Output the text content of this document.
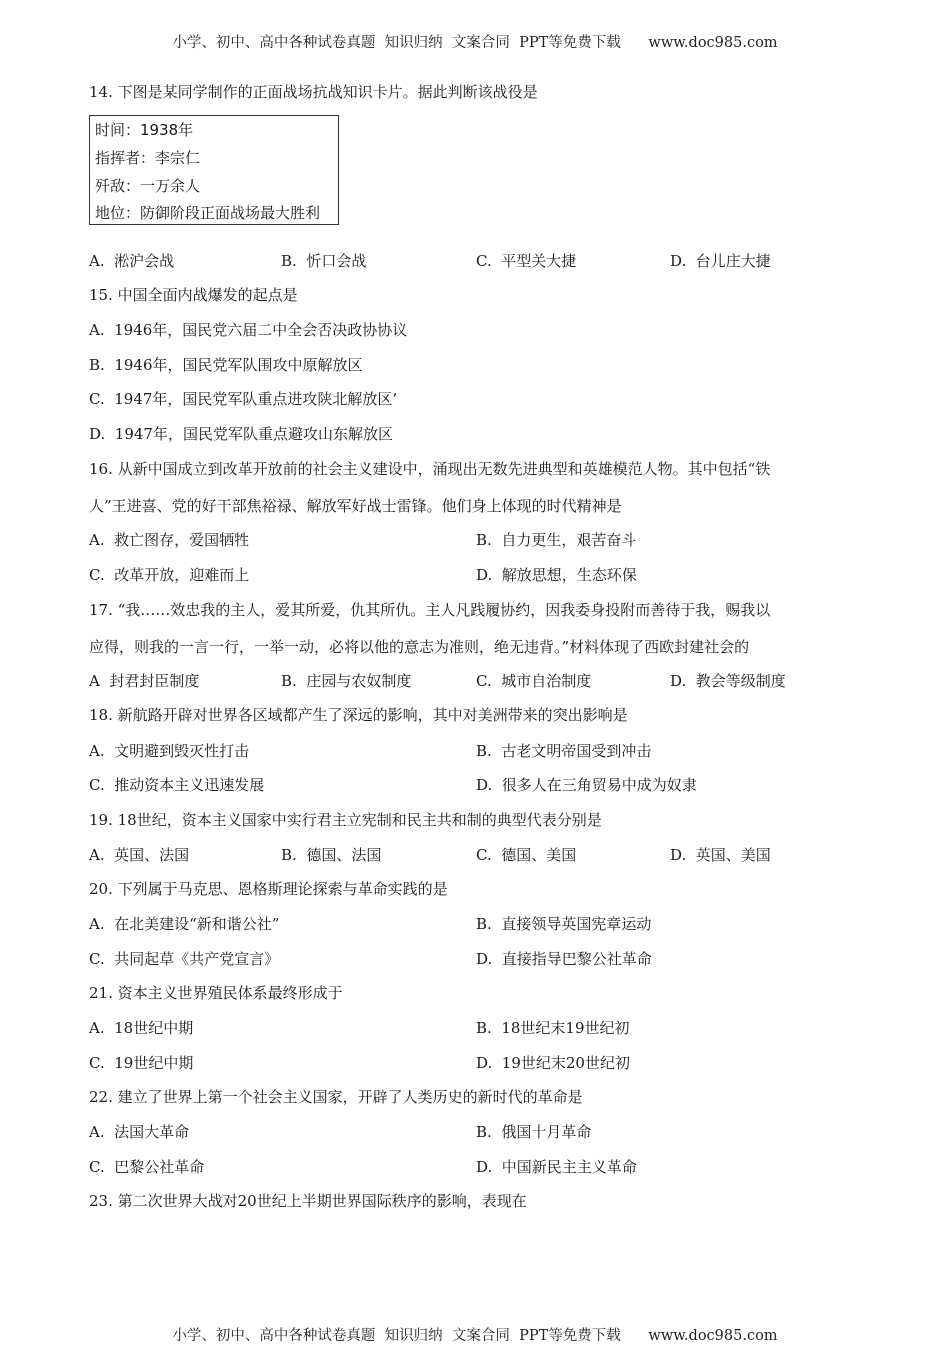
小学、初中、高中各种试卷真题  知识归纳  文案合同  PPT等免费下载      www.doc985.com
14. 下图是某同学制作的正面战场抗战知识卡片。据此判断该战役是
时间：1938年
指挥者：李宗仁
歼敌：一万余人
地位：防御阶段正面战场最大胜利
A.  淞沪会战	B.  忻口会战	C.  平型关大捷	D.  台儿庄大捷
15. 中国全面内战爆发的起点是
A.  1946年，国民党六届二中全会否决政协协议
B.  1946年，国民党军队围攻中原解放区
C.  1947年，国民党军队重点进攻陕北解放区’
D.  1947年，国民党军队重点避攻山东解放区
16. 从新中国成立到改革开放前的社会主义建设中，涌现出无数先进典型和英雄模范人物。其中包括“铁
人”王进喜、党的好干部焦裕禄、解放军好战士雷锋。他们身上体现的时代精神是
A.  救亡图存，爱国牺牲	B.  自力更生，艰苦奋斗
C.  改革开放，迎难而上	D.  解放思想，生态环保
17. “我……效忠我的主人，爱其所爱，仇其所仇。主人凡践履协约，因我委身投附而善待于我，赐我以
应得，则我的一言一行，一举一动，必将以他的意志为准则，绝无违背。”材料体现了西欧封建社会的
A  封君封臣制度	B.  庄园与农奴制度	C.  城市自治制度	D.  教会等级制度
18. 新航路开辟对世界各区域都产生了深远的影响，其中对美洲带来的突出影响是
A.  文明避到毁灭性打击	B.  古老文明帝国受到冲击
C.  推动资本主义迅速发展	D.  很多人在三角贸易中成为奴隶
19. 18世纪，资本主义国家中实行君主立宪制和民主共和制的典型代表分别是
A.  英国、法国	B.  德国、法国	C.  德国、美国	D.  英国、美国
20. 下列属于马克思、恩格斯理论探索与革命实践的是
A.  在北美建设“新和谐公社”	B.  直接领导英国宪章运动
C.  共同起草《共产党宣言》	D.  直接指导巴黎公社革命
21. 资本主义世界殖民体系最终形成于
A.  18世纪中期	B.  18世纪末19世纪初
C.  19世纪中期	D.  19世纪末20世纪初
22. 建立了世界上第一个社会主义国家，开辟了人类历史的新时代的革命是
A.  法国大革命	B.  俄国十月革命
C.  巴黎公社革命	D.  中国新民主主义革命
23. 第二次世界大战对20世纪上半期世界国际秩序的影响，表现在
小学、初中、高中各种试卷真题  知识归纳  文案合同  PPT等免费下载      www.doc985.com
